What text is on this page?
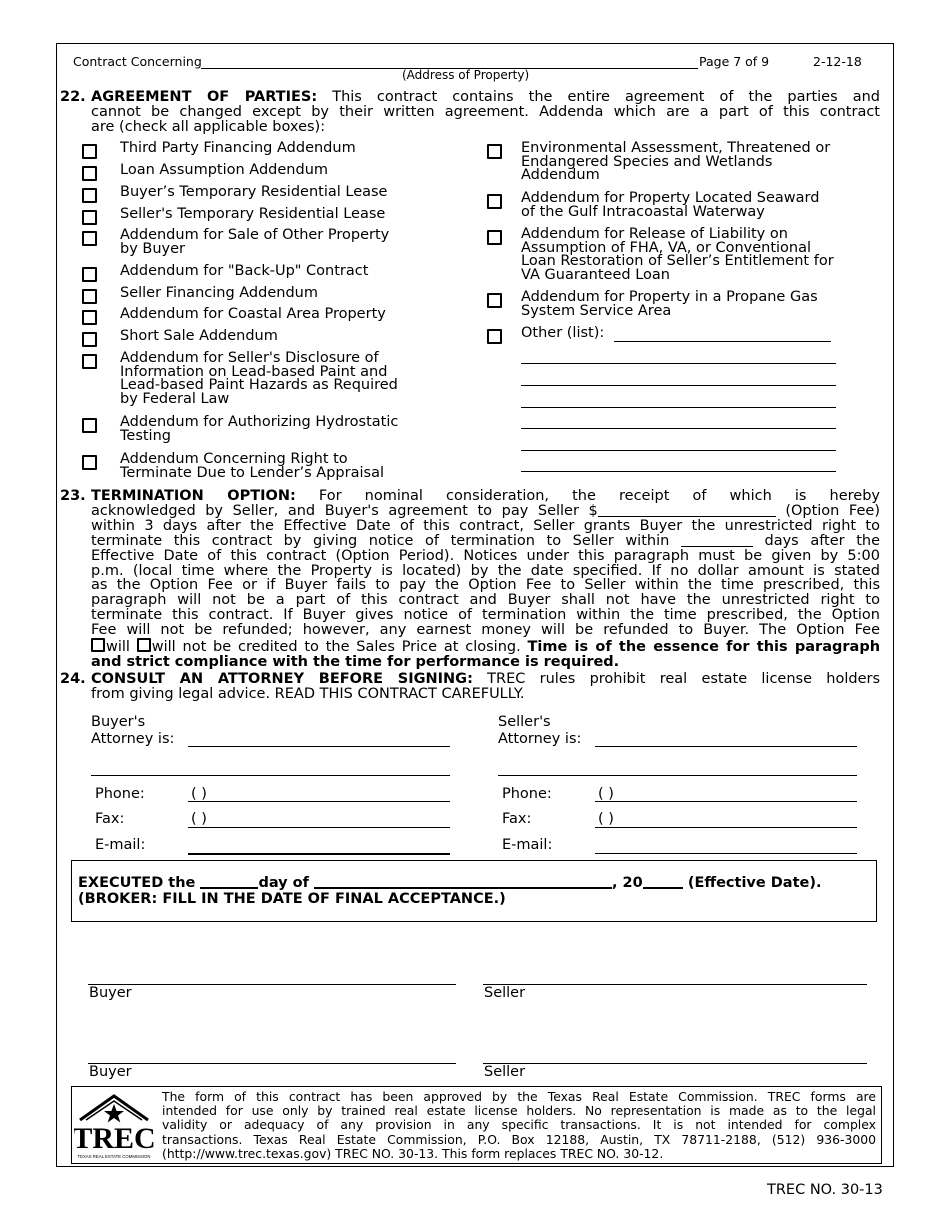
Contract Concerning	Page 7 of 9	2-12-18
(Address of Property)
22. AGREEMENT OF PARTIES: This contract contains the entire agreement of the parties and
cannot be changed except by their written agreement. Addenda which are a part of this contract
are (check all applicable boxes):
Third Party Financing Addendum
Loan Assumption Addendum
Buyer’s Temporary Residential Lease
Seller's Temporary Residential Lease
Addendum for Sale of Other Property
by Buyer
Addendum for "Back-Up" Contract
Seller Financing Addendum
Addendum for Coastal Area Property
Short Sale Addendum
Addendum for Seller's Disclosure of
Information on Lead-based Paint and
Lead-based Paint Hazards as Required
by Federal Law
Addendum for Authorizing Hydrostatic
Testing
Addendum Concerning Right to
Terminate Due to Lender’s Appraisal
Environmental Assessment, Threatened or
Endangered Species and Wetlands
Addendum
Addendum for Property Located Seaward
of the Gulf Intracoastal Waterway
Addendum for Release of Liability on
Assumption of FHA, VA, or Conventional
Loan Restoration of Seller’s Entitlement for
VA Guaranteed Loan
Addendum for Property in a Propane Gas
System Service Area
Other (list):
23. TERMINATION OPTION: For nominal consideration, the receipt of which is hereby
acknowledged by Seller, and Buyer's agreement to pay Seller $	(Option Fee)
within 3 days after the Effective Date of this contract, Seller grants Buyer the unrestricted right to
terminate this contract by giving notice of termination to Seller within	days after the
Effective Date of this contract (Option Period). Notices under this paragraph must be given by 5:00
p.m. (local time where the Property is located) by the date specified. If no dollar amount is stated
as the Option Fee or if Buyer fails to pay the Option Fee to Seller within the time prescribed, this
paragraph will not be a part of this contract and Buyer shall not have the unrestricted right to
terminate this contract. If Buyer gives notice of termination within the time prescribed, the Option
Fee will not be refunded; however, any earnest money will be refunded to Buyer. The Option Fee
will will not be credited to the Sales Price at closing. Time is of the essence for this paragraph
and strict compliance with the time for performance is required.
24. CONSULT AN ATTORNEY BEFORE SIGNING: TREC rules prohibit real estate license holders
from giving legal advice. READ THIS CONTRACT CAREFULLY.
Buyer's
Attorney is:
Seller's
Attorney is:
Phone:	( )
Fax:	( )
E-mail:
Phone:	( )
Fax:	( )
E-mail:
EXECUTED the	day of	, 20	(Effective Date).
(BROKER: FILL IN THE DATE OF FINAL ACCEPTANCE.)
Buyer	Seller
Buyer	Seller
TREC
TEXAS REAL ESTATE COMMISSION
The form of this contract has been approved by the Texas Real Estate Commission. TREC forms are
intended for use only by trained real estate license holders. No representation is made as to the legal
validity or adequacy of any provision in any specific transactions. It is not intended for complex
transactions. Texas Real Estate Commission, P.O. Box 12188, Austin, TX 78711-2188, (512) 936-3000
(http://www.trec.texas.gov) TREC NO. 30-13. This form replaces TREC NO. 30-12.
TREC NO. 30-13
